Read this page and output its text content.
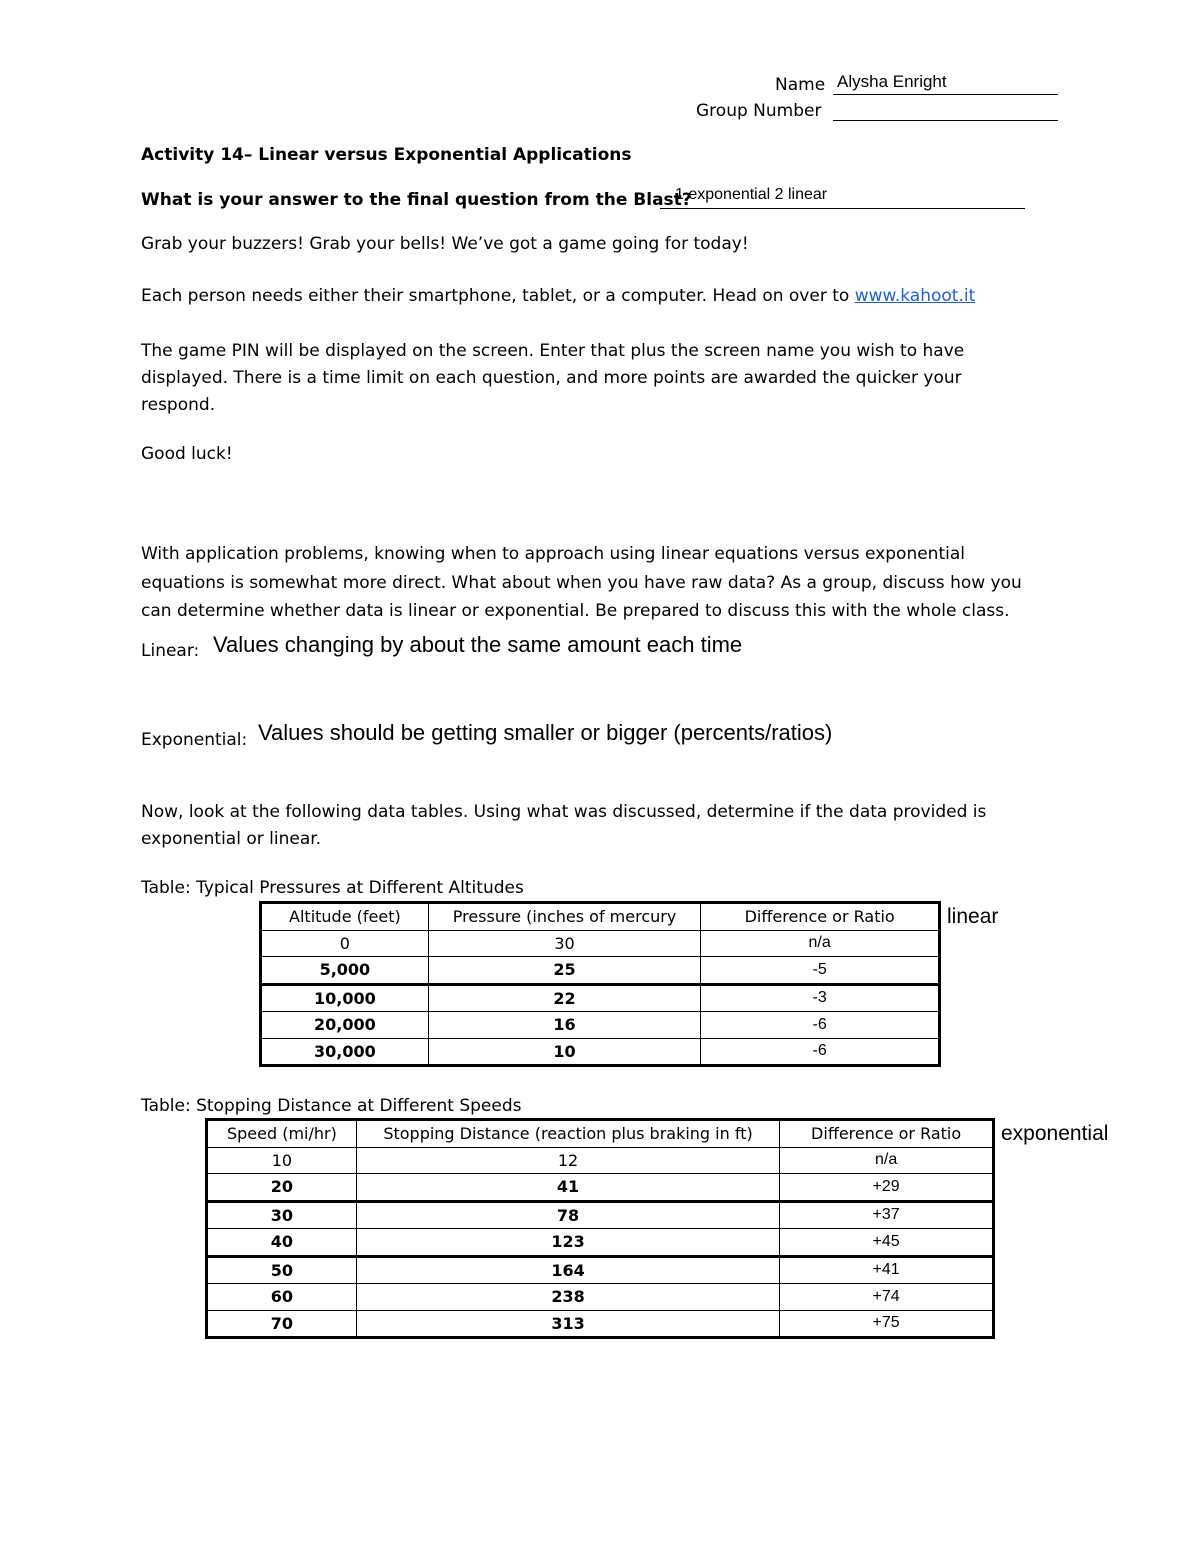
Name Alysha Enright
Group Number
Activity 14– Linear versus Exponential Applications
What is your answer to the final question from the Blast?
1 exponential 2 linear
Grab your buzzers! Grab your bells! We’ve got a game going for today!
Each person needs either their smartphone, tablet, or a computer. Head on over to www.kahoot.it

The game PIN will be displayed on the screen. Enter that plus the screen name you wish to have

displayed. There is a time limit on each question, and more points are awarded the quicker your

respond.

Good luck!

With application problems, knowing when to approach using linear equations versus exponential

equations is somewhat more direct. What about when you have raw data? As a group, discuss how you

can determine whether data is linear or exponential. Be prepared to discuss this with the whole class.

Linear: Values changing by about the same amount each time
Exponential: Values should be getting smaller or bigger (percents/ratios)

Now, look at the following data tables. Using what was discussed, determine if the data provided is

exponential or linear.

Table: Typical Pressures at Different Altitudes
Altitude (feet)	Pressure (inches of mercury	Difference or Ratio
0	30	n/a
5,000	25	-5
10,000	22	-3
20,000	16	-6
30,000	10	-6
linear
Table: Stopping Distance at Different Speeds
Speed (mi/hr)	Stopping Distance (reaction plus braking in ft)	Difference or Ratio
10	12	n/a
20	41	+29
30	78	+37
40	123	+45
50	164	+41
60	238	+74
70	313	+75
exponential
